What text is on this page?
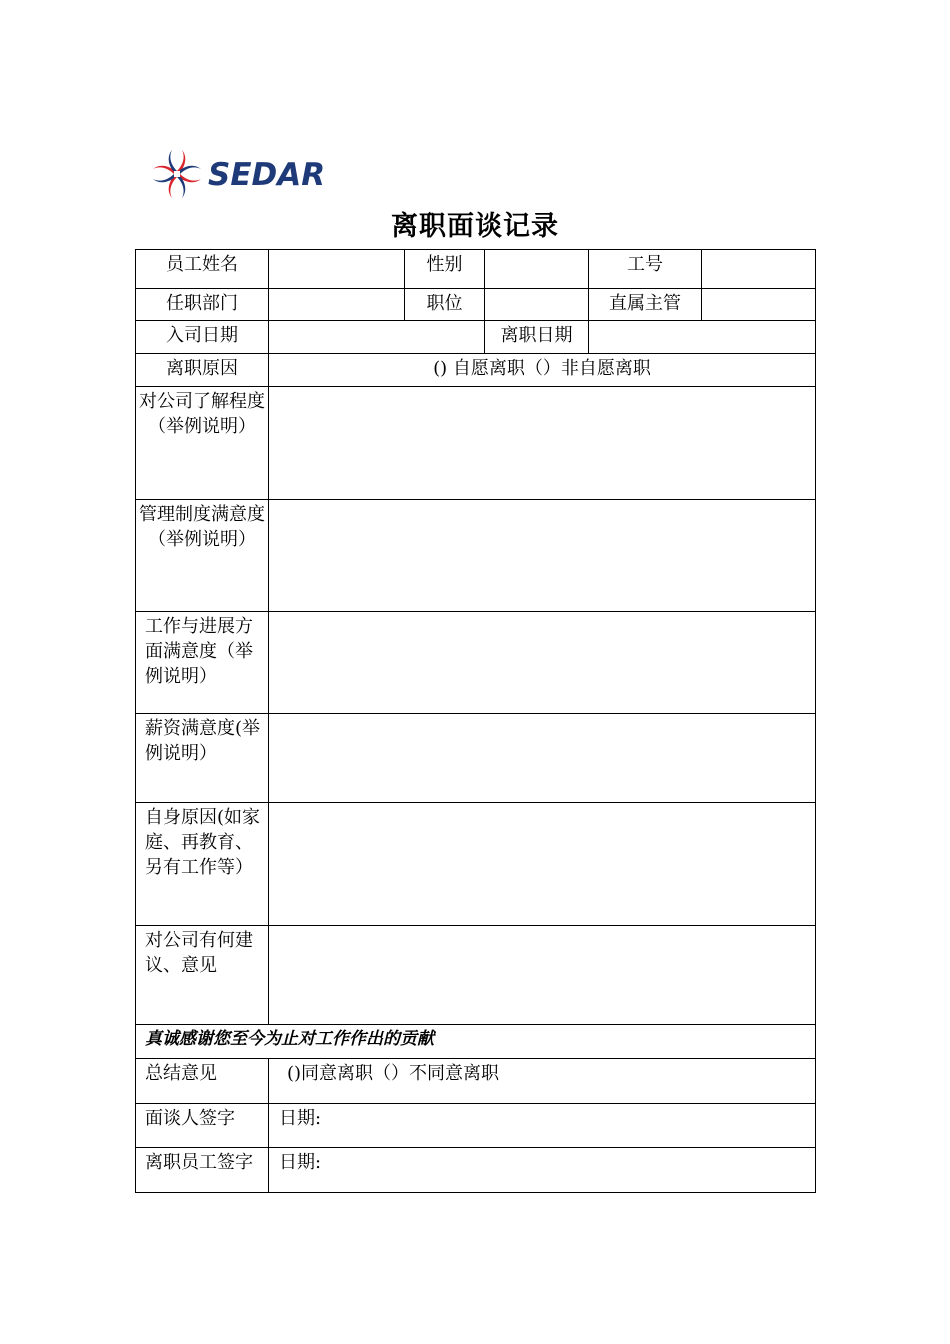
SEDAR
离职面谈记录
员工姓名		性别		工号	
任职部门		职位		直属主管	
入司日期			离职日期		
离职原因	() 自愿离职（）非自愿离职				
对公司了解程度（举例说明）					
管理制度满意度（举例说明）					
工作与进展方面满意度（举例说明）					
薪资满意度(举例说明）					
自身原因(如家庭、再教育、另有工作等）					
对公司有何建议、意见					
真诚感谢您至今为止对工作作出的贡献					
总结意见	()同意离职（）不同意离职				
面谈人签字	日期:				
离职员工签字	日期:				
